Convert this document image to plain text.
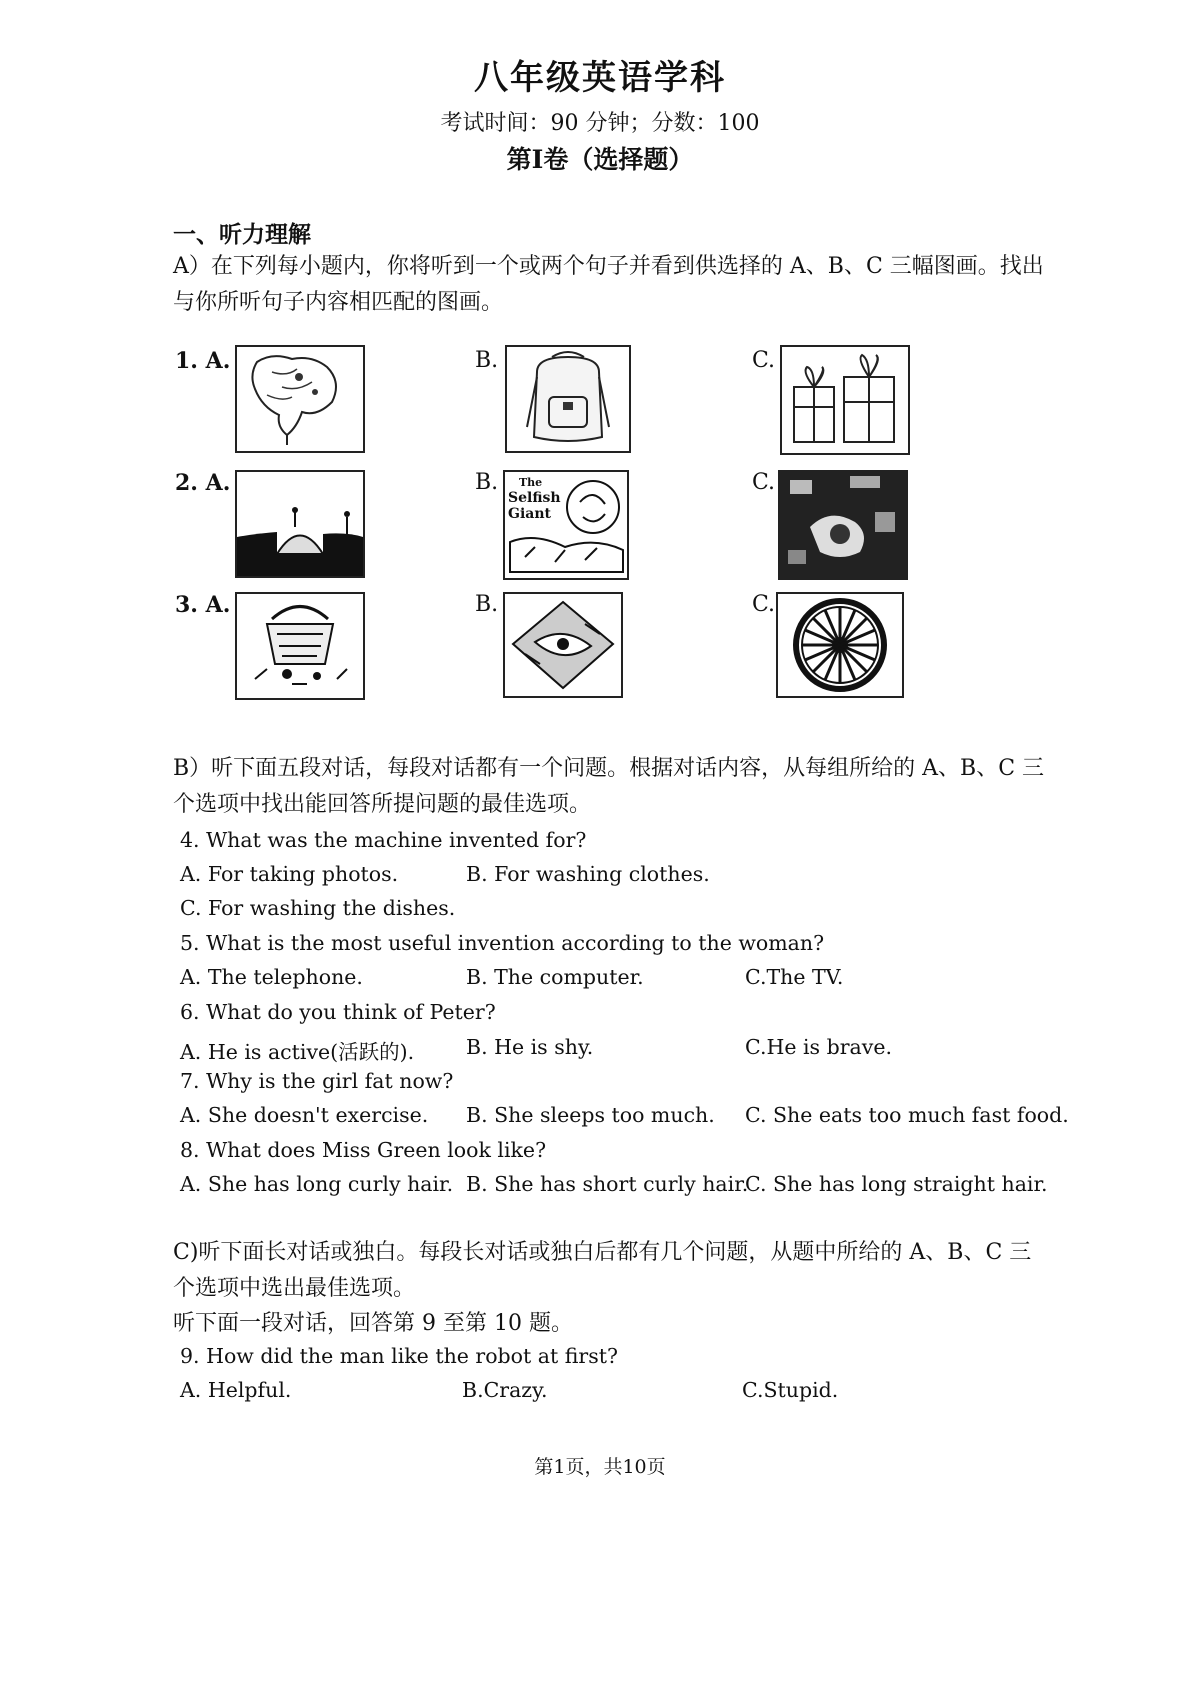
八年级英语学科
考试时间：90 分钟；分数：100
第I卷（选择题）
一、听力理解
A）在下列每小题内，你将听到一个或两个句子并看到供选择的 A、B、C 三幅图画。找出
与你所听句子内容相匹配的图画。
1. A.	B.	C.
2. A.	B. The
Selfish
Giant
C.
3. A.	B.	C.
B）听下面五段对话，每段对话都有一个问题。根据对话内容，从每组所给的 A、B、C 三
个选项中找出能回答所提问题的最佳选项。
4. What was the machine invented for?
A. For taking photos.	B. For washing clothes.
C. For washing the dishes.
5. What is the most useful invention according to the woman?
A. The telephone.	B. The computer.	C.The TV.
6. What do you think of Peter?
A. He is active(活跃的).	B. He is shy.	C.He is brave.
7. Why is the girl fat now?
A. She doesn't exercise. B. She sleeps too much. C. She eats too much fast food.
8. What does Miss Green look like?
A. She has long curly hair. B. She has short curly hair.
C. She has long straight hair.
C)听下面长对话或独白。每段长对话或独白后都有几个问题，从题中所给的 A、B、C 三
个选项中选出最佳选项。
听下面一段对话，回答第 9 至第 10 题。
9. How did the man like the robot at first?
A. Helpful.	B.Crazy.	C.Stupid.
第1页，共10页
